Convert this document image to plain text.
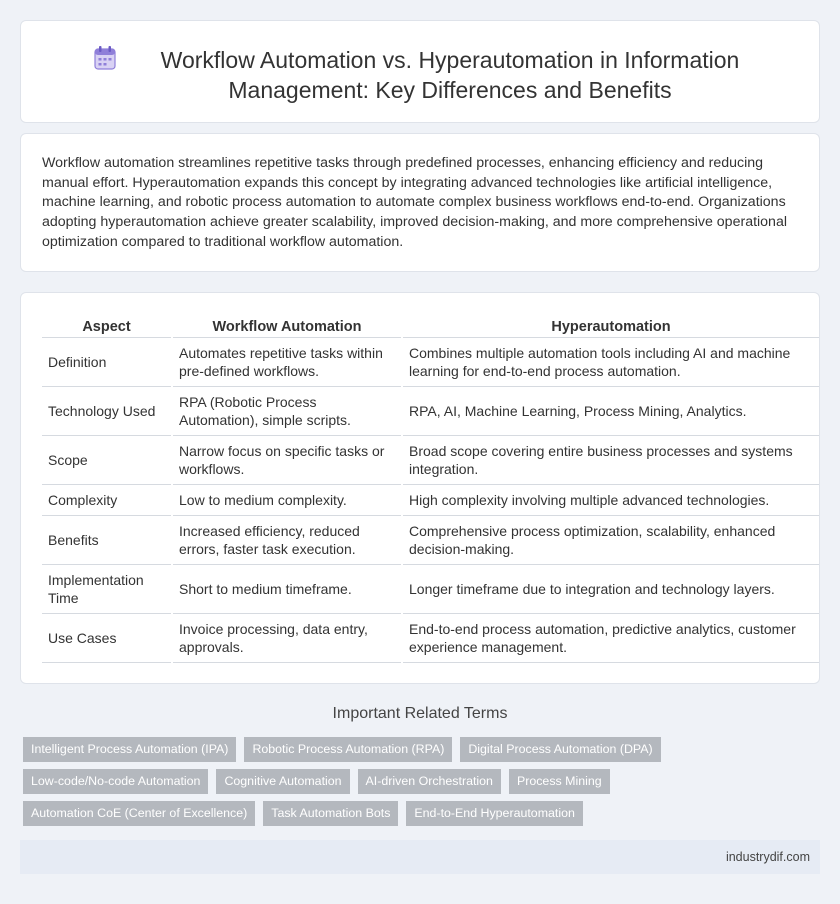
Workflow Automation vs. Hyperautomation in Information Management: Key Differences and Benefits

Workflow automation streamlines repetitive tasks through predefined processes, enhancing efficiency and reducing manual effort. Hyperautomation expands this concept by integrating advanced technologies like artificial intelligence, machine learning, and robotic process automation to automate complex business workflows end-to-end. Organizations adopting hyperautomation achieve greater scalability, improved decision-making, and more comprehensive operational optimization compared to traditional workflow automation.

Aspect	Workflow Automation	Hyperautomation
Definition	Automates repetitive tasks within pre-defined workflows.	Combines multiple automation tools including AI and machine learning for end-to-end process automation.
Technology Used	RPA (Robotic Process Automation), simple scripts.	RPA, AI, Machine Learning, Process Mining, Analytics.
Scope	Narrow focus on specific tasks or workflows.	Broad scope covering entire business processes and systems integration.
Complexity	Low to medium complexity.	High complexity involving multiple advanced technologies.
Benefits	Increased efficiency, reduced errors, faster task execution.	Comprehensive process optimization, scalability, enhanced decision-making.
Implementation Time	Short to medium timeframe.	Longer timeframe due to integration and technology layers.
Use Cases	Invoice processing, data entry, approvals.	End-to-end process automation, predictive analytics, customer experience management.
Important Related Terms
Intelligent Process Automation (IPA)	Robotic Process Automation (RPA)	Digital Process Automation (DPA)
Low-code/No-code Automation	Cognitive Automation	AI-driven Orchestration	Process Mining
Automation CoE (Center of Excellence)	Task Automation Bots	End-to-End Hyperautomation
industrydif.com
